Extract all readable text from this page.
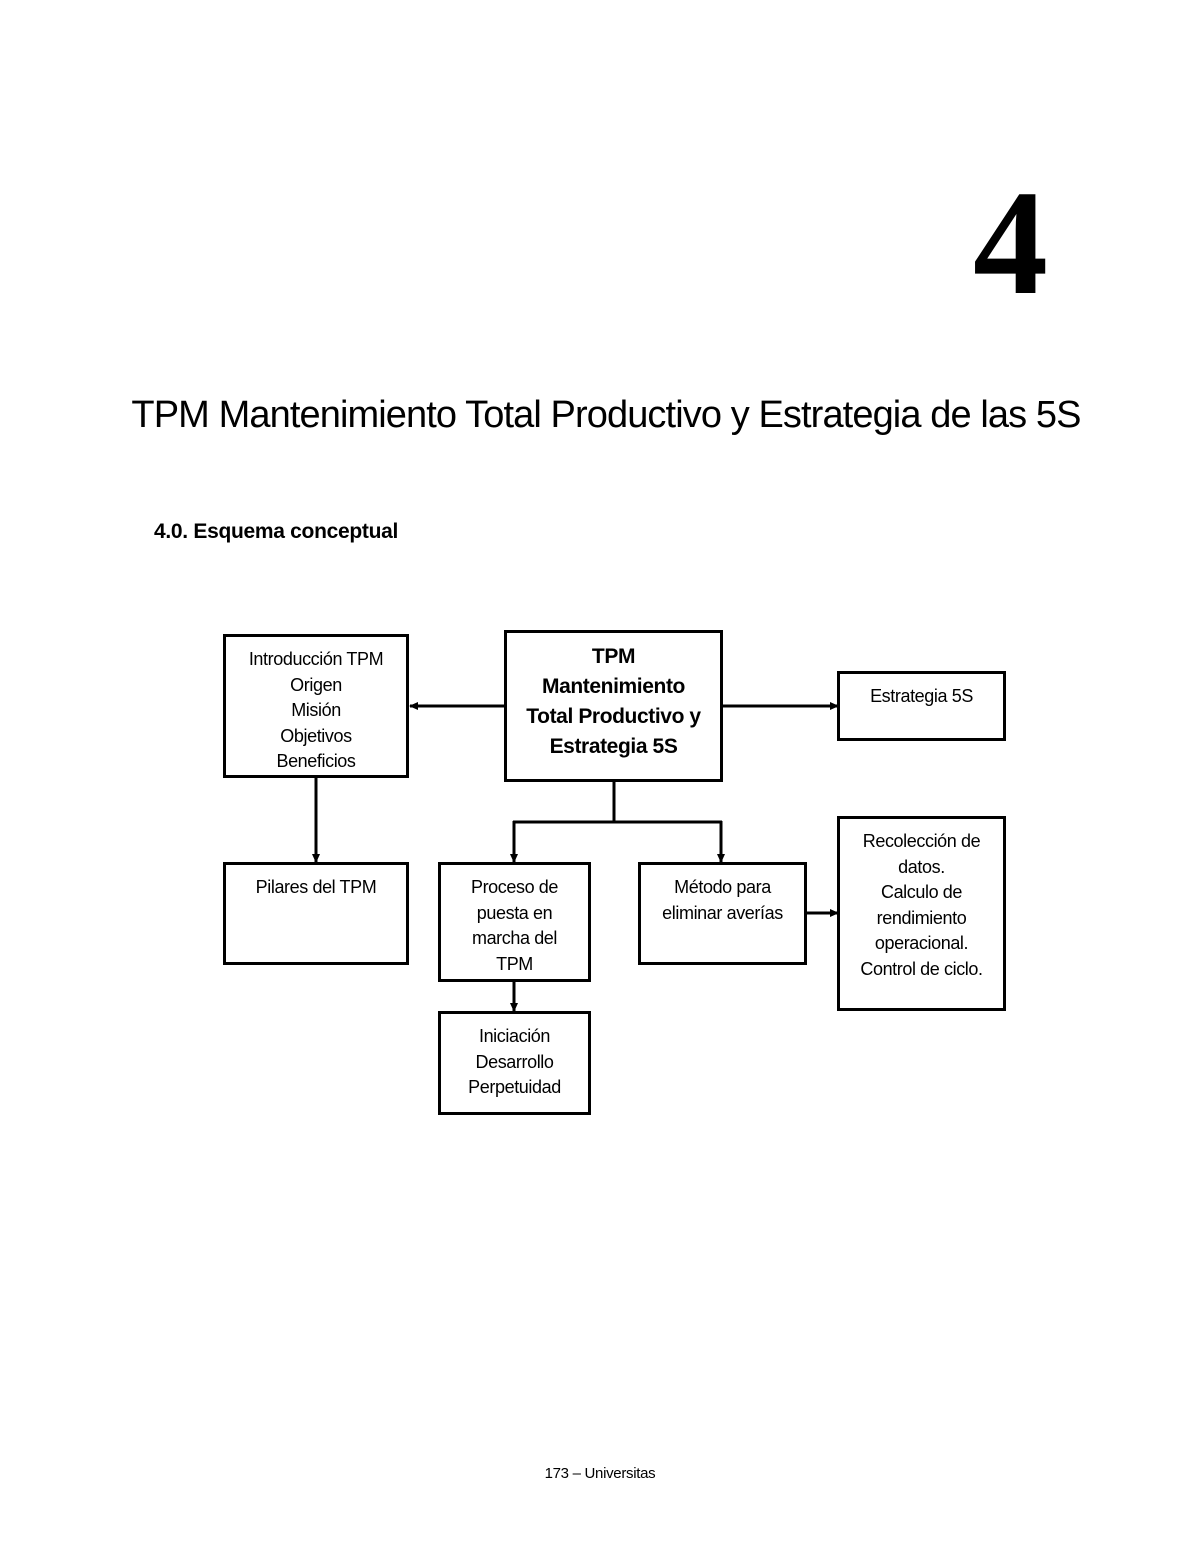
4
TPM Mantenimiento Total Productivo y Estrategia de las 5S
4.0. Esquema conceptual
Introducción TPM
Origen
Misión
Objetivos
Beneficios
TPM
Mantenimiento
Total Productivo y
Estrategia 5S
Estrategia 5S
Pilares del TPM	Proceso de
puesta en
marcha del
TPM
Método para
eliminar averías
Recolección de
datos.
Calculo de
rendimiento
operacional.
Control de ciclo.
Iniciación
Desarrollo
Perpetuidad
173 – Universitas
